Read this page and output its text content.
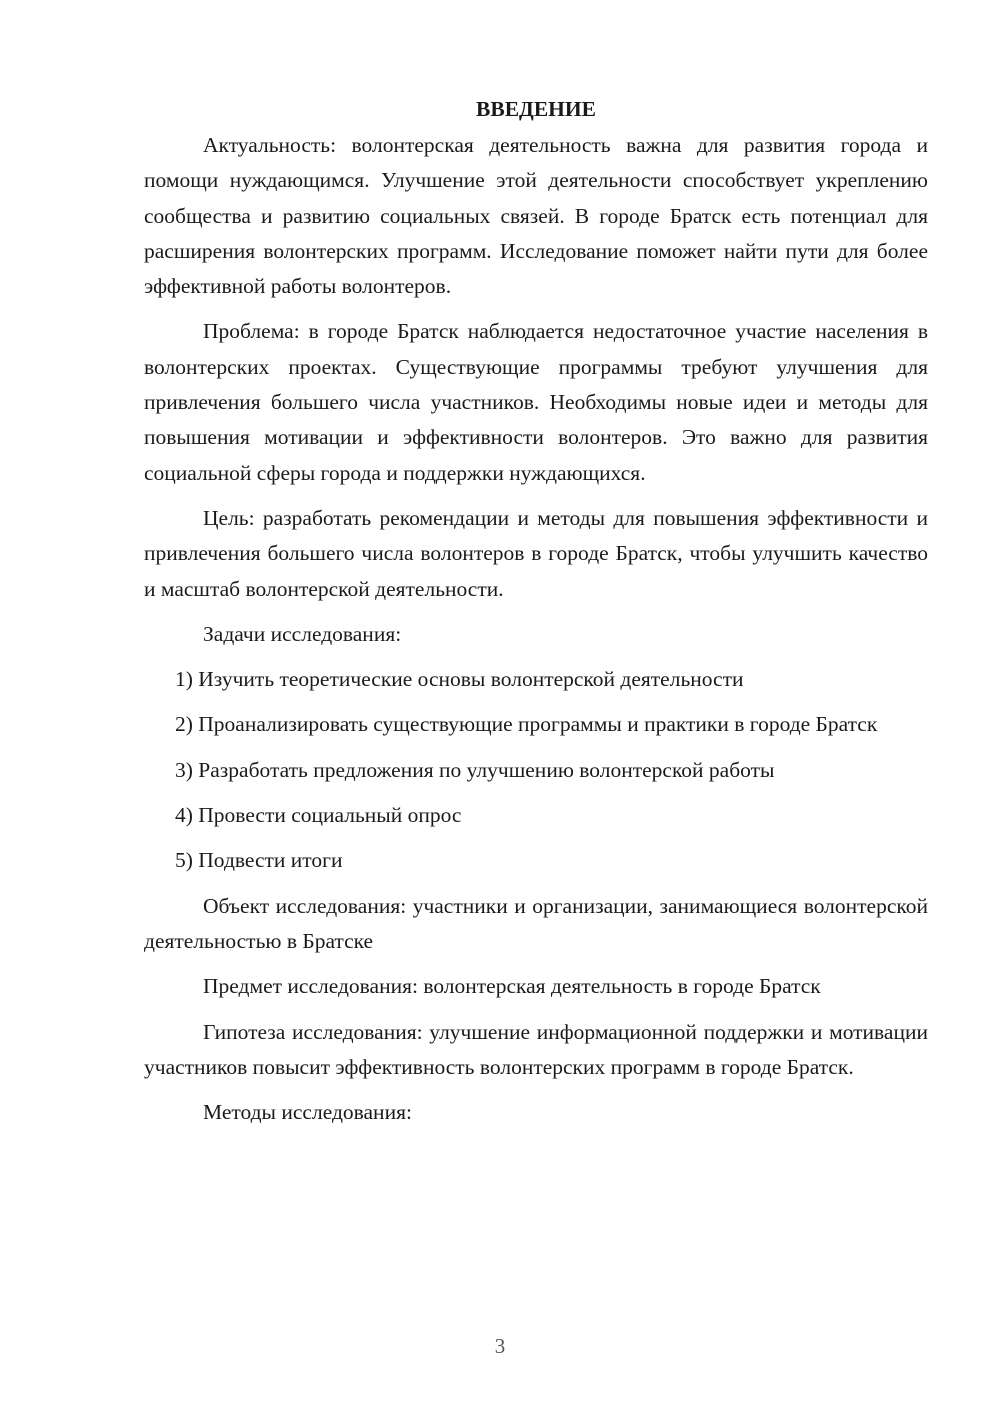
ВВЕДЕНИЕ

Актуальность: волонтерская деятельность важна для развития города и помощи нуждающимся. Улучшение этой деятельности способствует укреплению сообщества и развитию социальных связей. В городе Братск есть потенциал для расширения волонтерских программ. Исследование поможет найти пути для более эффективной работы волонтеров.

Проблема: в городе Братск наблюдается недостаточное участие населения в волонтерских проектах. Существующие программы требуют улучшения для привлечения большего числа участников. Необходимы новые идеи и методы для повышения мотивации и эффективности волонтеров. Это важно для развития социальной сферы города и поддержки нуждающихся.

Цель: разработать рекомендации и методы для повышения эффективности и привлечения большего числа волонтеров в городе Братск, чтобы улучшить качество и масштаб волонтерской деятельности.

Задачи исследования:

1) Изучить теоретические основы волонтерской деятельности

2) Проанализировать существующие программы и практики в городе Братск

3) Разработать предложения по улучшению волонтерской работы

4) Провести социальный опрос

5) Подвести итоги

Объект исследования: участники и организации, занимающиеся волонтерской деятельностью в Братске

Предмет исследования: волонтерская деятельность в городе Братск

Гипотеза исследования: улучшение информационной поддержки и мотивации участников повысит эффективность волонтерских программ в городе Братск.

Методы исследования:

3
